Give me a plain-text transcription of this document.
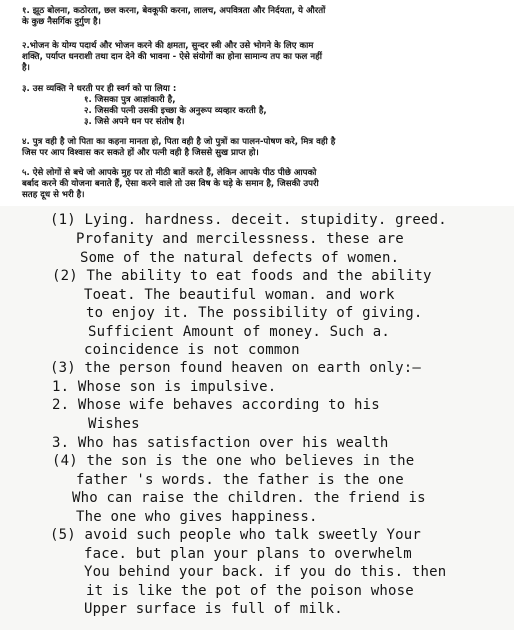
१. झूठ बोलना, कठोरता, छल करना, बेवकूफी करना, लालच, अपवित्रता और निर्दयता, ये औरतों
के कुछ नैसर्गिक दुर्गुण है।
२.भोजन के योग्य पदार्थ और भोजन करने की क्षमता, सुन्दर स्त्री और उसे भोगने के लिए काम
शक्ति, पर्याप्त धनराशी तथा दान देने की भावना - ऐसे संयोगों का होना सामान्य तप का फल नहीं
है।
३. उस व्यक्ति ने धरती पर ही स्वर्ग को पा लिया :
१. जिसका पुत्र आज्ञांकारी है,
२. जिसकी पत्नी उसकी इच्छा के अनुरूप व्यव्हार करती है,
३. जिसे अपने धन पर संतोष है।
४. पुत्र वही है जो पिता का कहना मानता हो, पिता वही है जो पुत्रों का पालन-पोषण करे, मित्र वही है
जिस पर आप विश्वास कर सकते हों और पत्नी वही है जिससे सुख प्राप्त हो।
५. ऐसे लोगों से बचे जो आपके मुह पर तो मीठी बातें करते हैं, लेकिन आपके पीठ पीछे आपको
बर्बाद करने की योजना बनाते हैं, ऐसा करने वाले तो उस विष के घड़े के समान है, जिसकी उपरी
सतह दूध से भरी है।
(1) Lying. hardness. deceit. stupidity. greed.
Profanity and mercilessness. these are
Some of the natural defects of women.
(2) The ability to eat foods and the ability
Toeat. The beautiful woman. and work
to enjoy it. The possibility of giving.
Sufficient Amount of money. Such a.
coincidence is not common
(3) the person found heaven on earth only:—
1. Whose son is impulsive.
2. Whose wife behaves according to his
Wishes
3. Who has satisfaction over his wealth
(4) the son is the one who believes in the
father 's words. the father is the one
Who can raise the children. the friend is
The one who gives happiness.
(5) avoid such people who talk sweetly Your
face. but plan your plans to overwhelm
You behind your back. if you do this. then
it is like the pot of the poison whose
Upper surface is full of milk.
